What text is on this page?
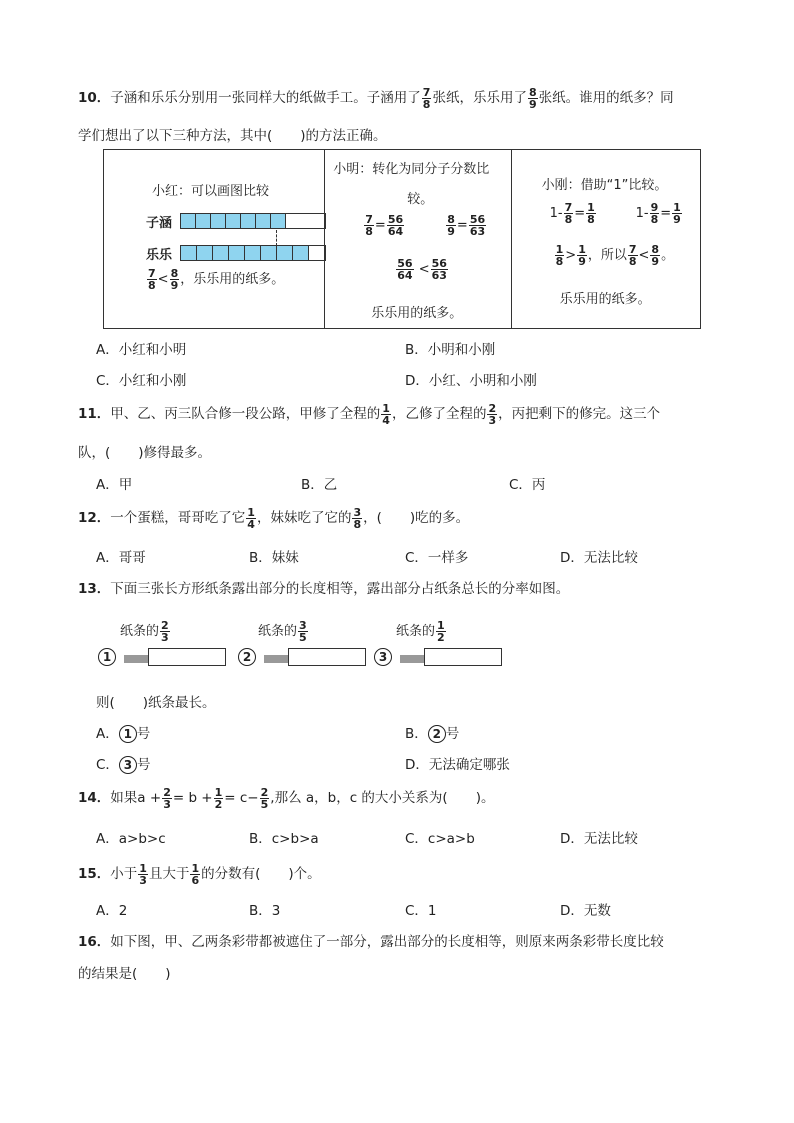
10．子涵和乐乐分别用一张同样大的纸做手工。子涵用了 $\frac{7}{8}$ 张纸，乐乐用了 $\frac{8}{9}$ 张纸。谁用的纸多？同
学们想出了以下三种方法，其中( )的方法正确。
小红：可以画图比较
子涵
乐乐
$\frac{7}{8} < \frac{8}{9}$ ，乐乐用的纸多。

小明：转化为同分子分数比
较。
$\frac{7}{8} = \frac{56}{64}$	$\frac{8}{9} = \frac{56}{63}$
$\frac{56}{64} < \frac{56}{63}$
乐乐用的纸多。

小刚：借助“1”比较。
$1- \frac{7}{8} = \frac{1}{8}$	$1- \frac{9}{8} = \frac{1}{9}$
$\frac{1}{8} > \frac{1}{9}$ ，所以 $\frac{7}{8} < \frac{8}{9}$ 。
乐乐用的纸多。
A．小红和小明	B．小明和小刚
C．小红和小刚	D．小红、小明和小刚
11．甲、乙、丙三队合修一段公路，甲修了全程的 $\frac{1}{4}$ ，乙修了全程的 $\frac{2}{3}$ ，丙把剩下的修完。这三个
队，( )修得最多。
A．甲	B．乙	C．丙
12．一个蛋糕，哥哥吃了它 $\frac{1}{4}$ ，妹妹吃了它的 $\frac{3}{8}$ ，( )吃的多。
A．哥哥	B．妹妹	C．一样多	D．无法比较
13．下面三张长方形纸条露出部分的长度相等，露出部分占纸条总长的分率如图。
纸条的 $\frac{2}{3}$
1
纸条的 $\frac{3}{5}$
2
纸条的 $\frac{1}{2}$
3
则( )纸条最长。
A． 1 号	B． 2 号
C． 3 号	D．无法确定哪张
14．如果$a + \frac{2}{3} = b + \frac{1}{2} = c- \frac{2}{5}$ ,那么 a，b，c 的大小关系为( )。
A．a>b>c	B．c>b>a	C．c>a>b	D．无法比较
15．小于 $\frac{1}{3}$ 且大于 $\frac{1}{6}$ 的分数有( )个。
A．2	B．3	C．1	D．无数
16．如下图，甲、乙两条彩带都被遮住了一部分，露出部分的长度相等，则原来两条彩带长度比较
的结果是( )
